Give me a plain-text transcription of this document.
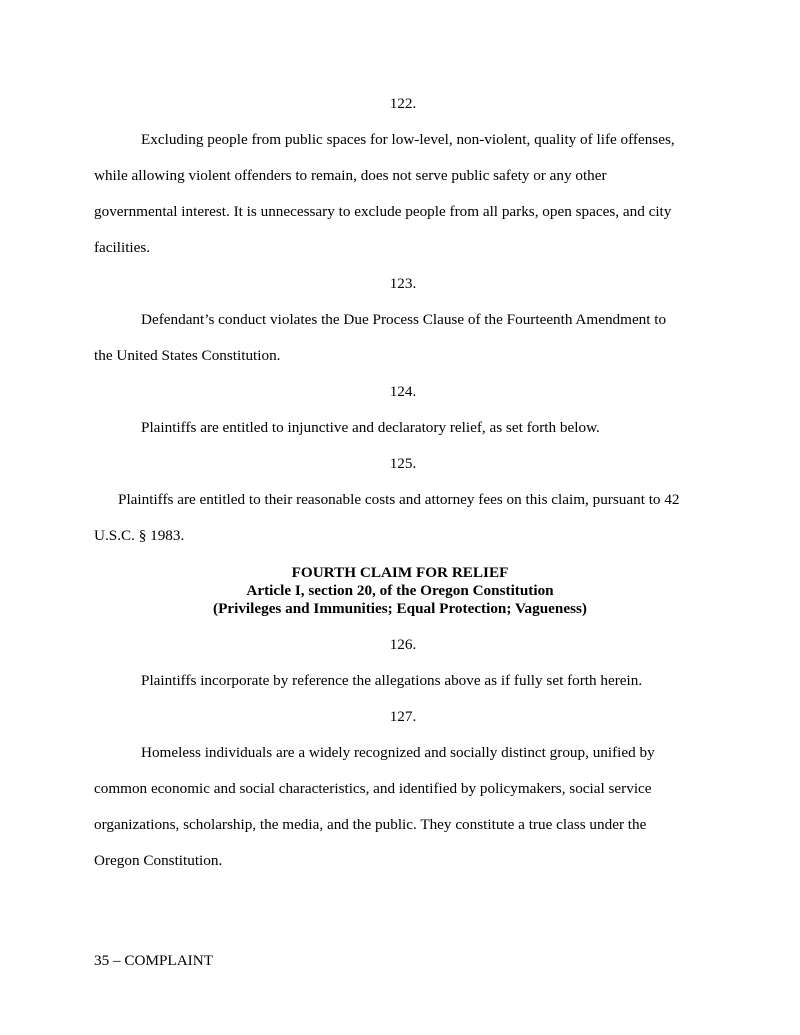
122.
Excluding people from public spaces for low-level, non-violent, quality of life offenses,
while allowing violent offenders to remain, does not serve public safety or any other
governmental interest. It is unnecessary to exclude people from all parks, open spaces, and city
facilities.
123.
Defendant’s conduct violates the Due Process Clause of the Fourteenth Amendment to
the United States Constitution.
124.
Plaintiffs are entitled to injunctive and declaratory relief, as set forth below.
125.
Plaintiffs are entitled to their reasonable costs and attorney fees on this claim, pursuant to 42
U.S.C. § 1983.
FOURTH CLAIM FOR RELIEF
Article I, section 20, of the Oregon Constitution
(Privileges and Immunities; Equal Protection; Vagueness)
126.
Plaintiffs incorporate by reference the allegations above as if fully set forth herein.
127.
Homeless individuals are a widely recognized and socially distinct group, unified by
common economic and social characteristics, and identified by policymakers, social service
organizations, scholarship, the media, and the public. They constitute a true class under the
Oregon Constitution.
35 – COMPLAINT
